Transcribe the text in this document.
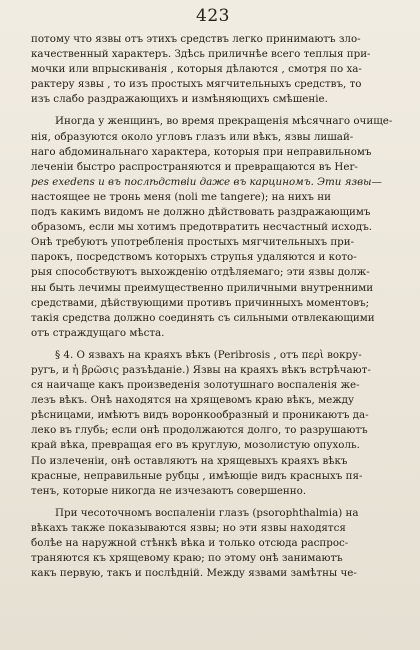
423
потому что язвы отъ этихъ средствъ легко принимаютъ зло-
качественный характеръ. Здѣсь приличнѣе всего теплыя при-
мочки или впрыскиванія , которыя дѣлаются , смотря по ха-
рактеру язвы , то изъ простыхъ мягчительныхъ средствъ, то
изъ слабо раздражающихъ и измѣняющихъ смѣшеніе.
Иногда у женщинъ, во время прекращенія мѣсячнаго очище-
нія, образуются около угловъ глазъ или вѣкъ, язвы лишай-
наго абдоминальнаго характера, которыя при неправильномъ
леченіи быстро распространяются и превращаются въ Her-
pes exedens и въ послѣдствіи даже въ карциномъ. Эти язвы—
настоящее не тронь меня (noli me tangere); на нихъ ни
подъ какимъ видомъ не должно дѣйствовать раздражающимъ
образомъ, если мы хотимъ предотвратить несчастный исходъ.
Онѣ требуютъ употребленія простыхъ мягчительныхъ при-
парокъ, посредствомъ которыхъ струпья удаляются и кото-
рыя способствуютъ выхожденію отдѣляемаго; эти язвы долж-
ны быть лечимы преимущественно приличными внутренними
средствами, дѣйствующими противъ причинныхъ моментовъ;
такія средства должно соединять съ сильными отвлекающими
отъ страждущаго мѣста.
§ 4. О язвахъ на краяхъ вѣкъ (Peribrosis , отъ περὶ вокру-
ругъ, и ἡ βρῶσις разъѣданіе.) Язвы на краяхъ вѣкъ встрѣчают-
ся наичаще какъ произведенія золотушнаго воспаленія же-
лезъ вѣкъ. Онѣ находятся на хрящевомъ краю вѣкъ, между
рѣсницами, имѣютъ видъ воронкообразный и проникаютъ да-
леко въ глубь; если онѣ продолжаются долго, то разрушаютъ
край вѣка, превращая его въ круглую, мозолистую опухоль.
По излеченіи, онѣ оставляютъ на хрящевыхъ краяхъ вѣкъ
красные, неправильные рубцы , имѣющіе видъ красныхъ пя-
тенъ, которые никогда не изчезаютъ совершенно.
При чесоточномъ воспаленіи глазъ (psorophthalmia) на
вѣкахъ также показываются язвы; но эти язвы находятся
болѣе на наружной стѣнкѣ вѣка и только отсюда распрос-
траняются къ хрящевому краю; по этому онѣ занимаютъ
какъ первую, такъ и послѣдній. Между язвами замѣтны че-
